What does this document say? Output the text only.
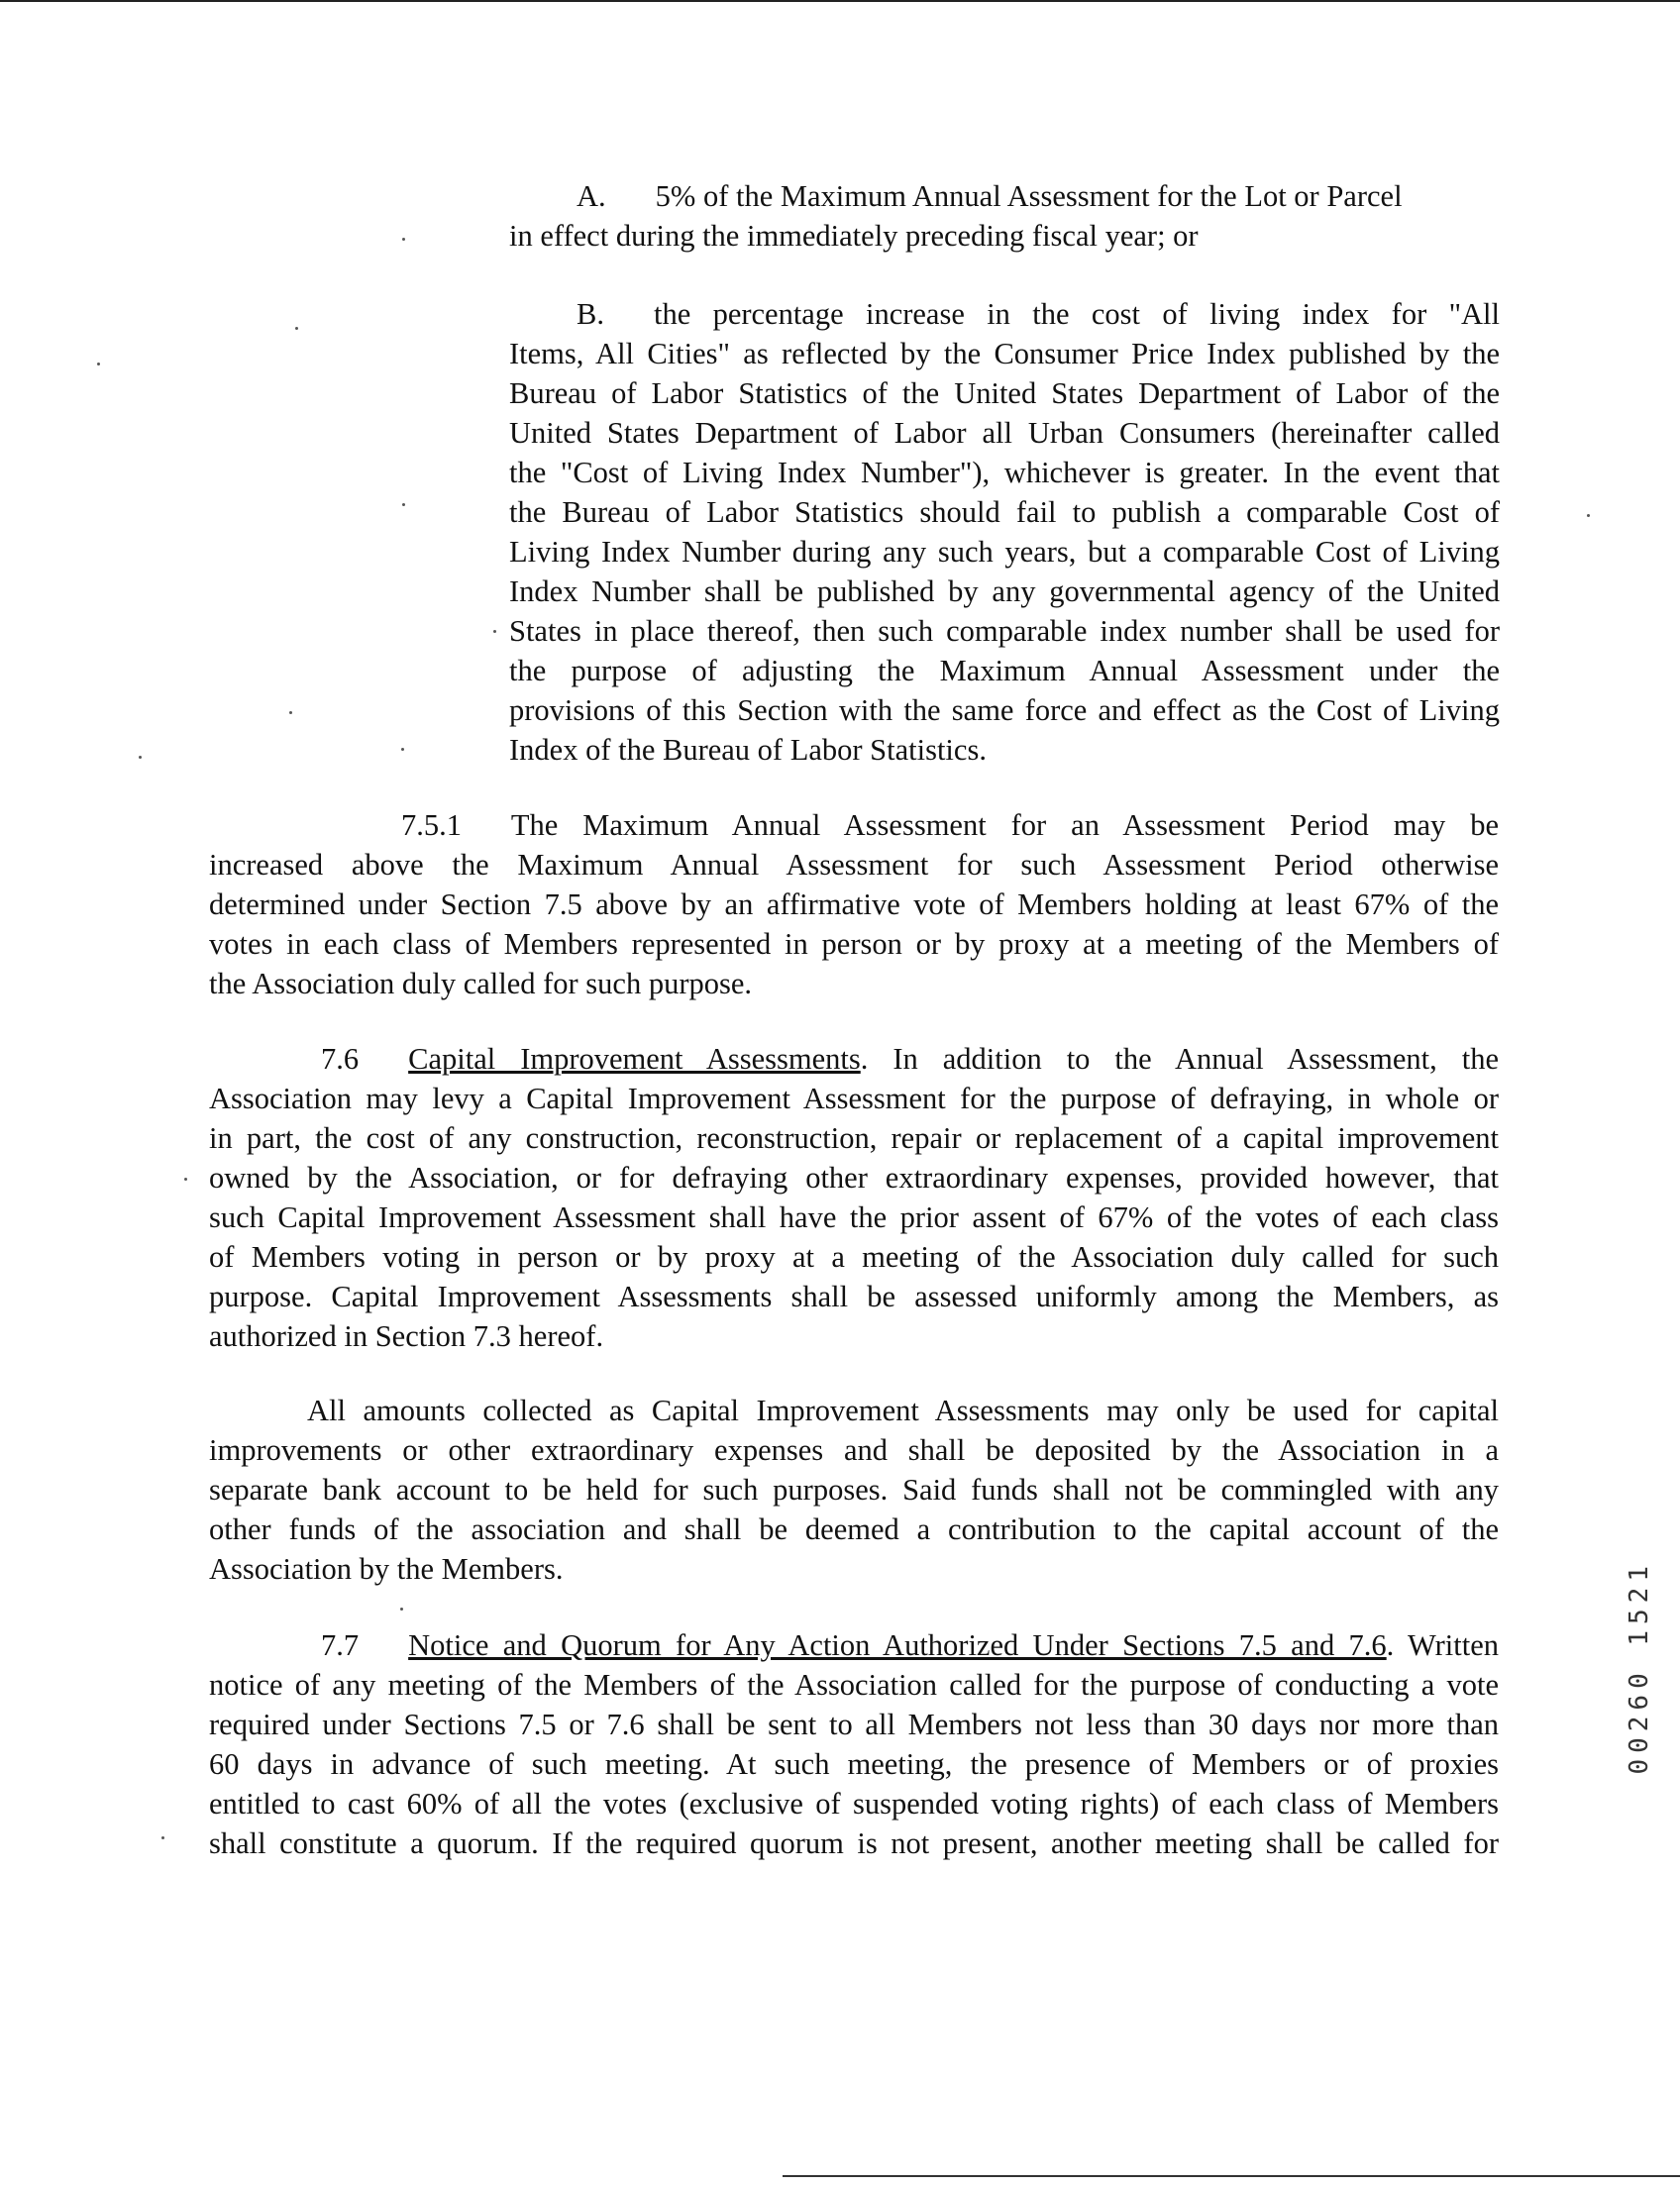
A. 5% of the Maximum Annual Assessment for the Lot or Parcel
in effect during the immediately preceding fiscal year; or
B. the percentage increase in the cost of living index for "All
Items, All Cities" as reflected by the Consumer Price Index published by the
Bureau of Labor Statistics of the United States Department of Labor of the
United States Department of Labor all Urban Consumers (hereinafter called
the "Cost of Living Index Number"), whichever is greater. In the event that
the Bureau of Labor Statistics should fail to publish a comparable Cost of
Living Index Number during any such years, but a comparable Cost of Living
Index Number shall be published by any governmental agency of the United
States in place thereof, then such comparable index number shall be used for
the purpose of adjusting the Maximum Annual Assessment under the
provisions of this Section with the same force and effect as the Cost of Living
Index of the Bureau of Labor Statistics.
7.5.1 The Maximum Annual Assessment for an Assessment Period may be
increased above the Maximum Annual Assessment for such Assessment Period otherwise
determined under Section 7.5 above by an affirmative vote of Members holding at least 67% of the
votes in each class of Members represented in person or by proxy at a meeting of the Members of
the Association duly called for such purpose.
7.6 Capital Improvement Assessments. In addition to the Annual Assessment, the
Association may levy a Capital Improvement Assessment for the purpose of defraying, in whole or
in part, the cost of any construction, reconstruction, repair or replacement of a capital improvement
owned by the Association, or for defraying other extraordinary expenses, provided however, that
such Capital Improvement Assessment shall have the prior assent of 67% of the votes of each class
of Members voting in person or by proxy at a meeting of the Association duly called for such
purpose. Capital Improvement Assessments shall be assessed uniformly among the Members, as
authorized in Section 7.3 hereof.
All amounts collected as Capital Improvement Assessments may only be used for capital
improvements or other extraordinary expenses and shall be deposited by the Association in a
separate bank account to be held for such purposes. Said funds shall not be commingled with any
other funds of the association and shall be deemed a contribution to the capital account of the
Association by the Members.
7.7 Notice and Quorum for Any Action Authorized Under Sections 7.5 and 7.6. Written
notice of any meeting of the Members of the Association called for the purpose of conducting a vote
required under Sections 7.5 or 7.6 shall be sent to all Members not less than 30 days nor more than
60 days in advance of such meeting. At such meeting, the presence of Members or of proxies
entitled to cast 60% of all the votes (exclusive of suspended voting rights) of each class of Members
shall constitute a quorum. If the required quorum is not present, another meeting shall be called for
00260 1521
